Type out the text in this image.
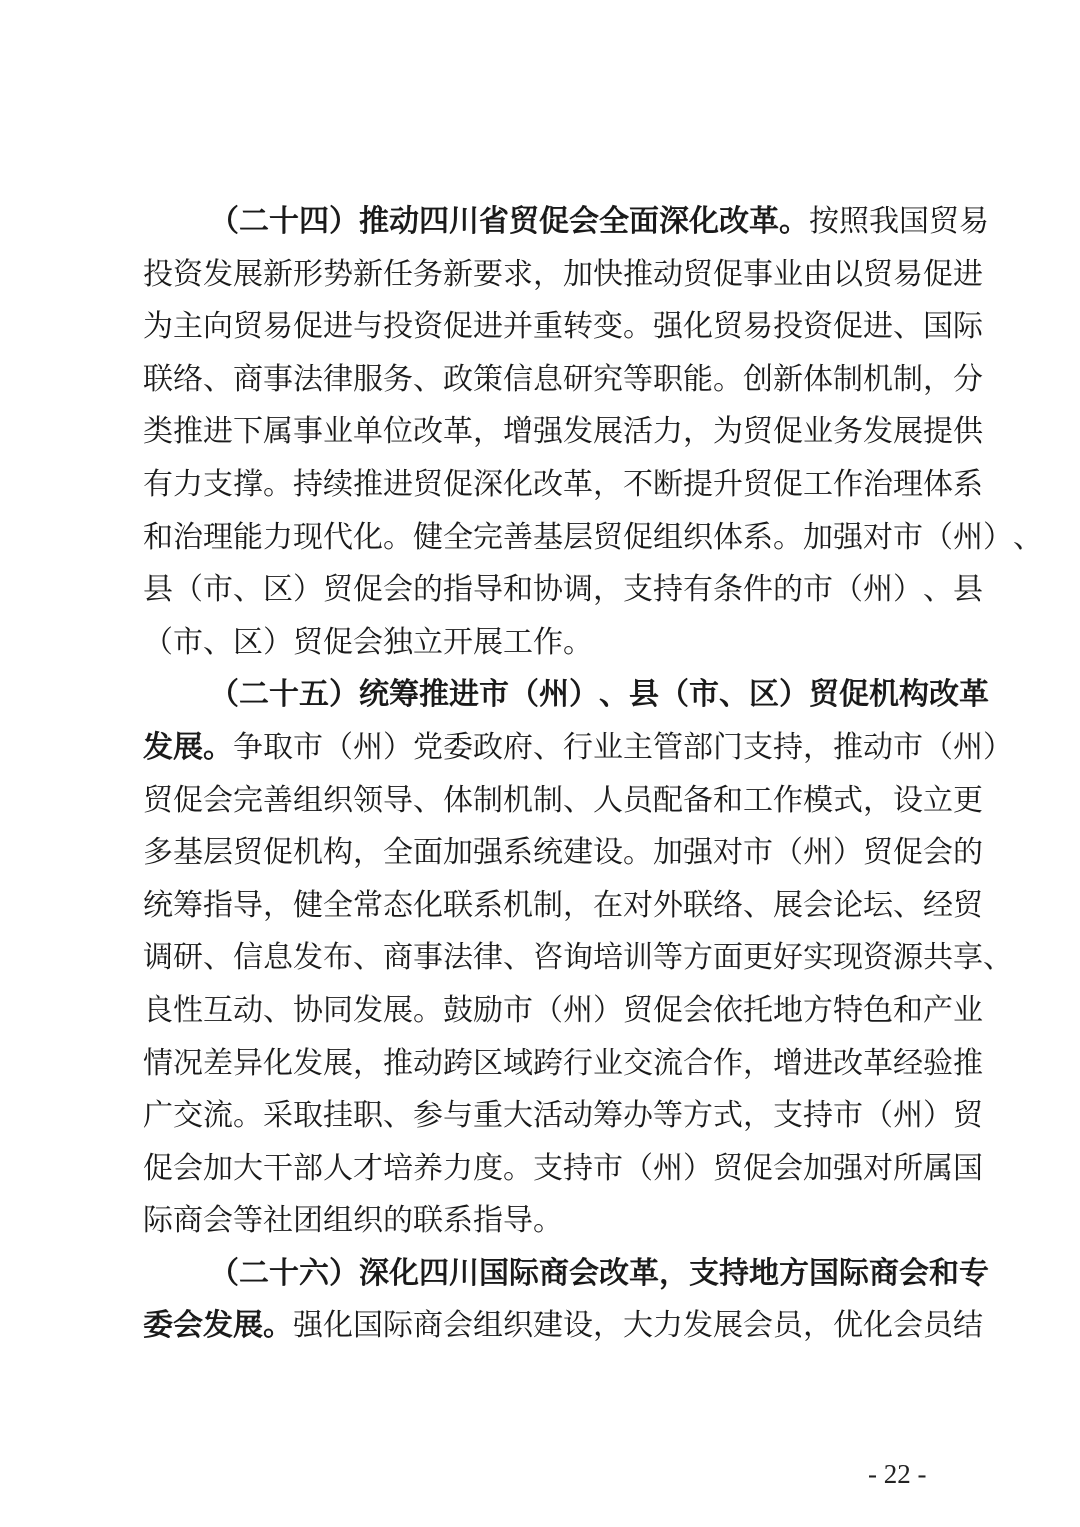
（ 二 十 四 ） 推 动 四 川 省 贸 促 会 全 面 深 化 改 革 。 按 照 我 国 贸 易
投 资 发 展 新 形 势 新 任 务 新 要 求 ， 加 快 推 动 贸 促 事 业 由 以 贸 易 促 进
为 主 向 贸 易 促 进 与 投 资 促 进 并 重 转 变 。 强 化 贸 易 投 资 促 进 、 国 际
联 络 、 商 事 法 律 服 务 、 政 策 信 息 研 究 等 职 能 。 创 新 体 制 机 制 ， 分
类 推 进 下 属 事 业 单 位 改 革 ， 增 强 发 展 活 力 ， 为 贸 促 业 务 发 展 提 供
有 力 支 撑 。 持 续 推 进 贸 促 深 化 改 革 ， 不 断 提 升 贸 促 工 作 治 理 体 系
和 治 理 能 力 现 代 化 。 健 全 完 善 基 层 贸 促 组 织 体 系 。 加 强 对 市 （ 州 ） 、
县 （ 市 、 区 ） 贸 促 会 的 指 导 和 协 调 ， 支 持 有 条 件 的 市 （ 州 ） 、 县
（ 市 、 区 ） 贸 促 会 独 立 开 展 工 作 。
（ 二 十 五 ） 统 筹 推 进 市 （ 州 ） 、 县 （ 市 、 区 ） 贸 促 机 构 改 革
发 展 。 争 取 市 （ 州 ） 党 委 政 府 、 行 业 主 管 部 门 支 持 ， 推 动 市 （ 州 ）
贸 促 会 完 善 组 织 领 导 、 体 制 机 制 、 人 员 配 备 和 工 作 模 式 ， 设 立 更
多 基 层 贸 促 机 构 ， 全 面 加 强 系 统 建 设 。 加 强 对 市 （ 州 ） 贸 促 会 的
统 筹 指 导 ， 健 全 常 态 化 联 系 机 制 ， 在 对 外 联 络 、 展 会 论 坛 、 经 贸
调 研 、 信 息 发 布 、 商 事 法 律 、 咨 询 培 训 等 方 面 更 好 实 现 资 源 共 享 、
良 性 互 动 、 协 同 发 展 。 鼓 励 市 （ 州 ） 贸 促 会 依 托 地 方 特 色 和 产 业
情 况 差 异 化 发 展 ， 推 动 跨 区 域 跨 行 业 交 流 合 作 ， 增 进 改 革 经 验 推
广 交 流 。 采 取 挂 职 、 参 与 重 大 活 动 筹 办 等 方 式 ， 支 持 市 （ 州 ） 贸
促 会 加 大 干 部 人 才 培 养 力 度 。 支 持 市 （ 州 ） 贸 促 会 加 强 对 所 属 国
际 商 会 等 社 团 组 织 的 联 系 指 导 。
（ 二 十 六 ） 深 化 四 川 国 际 商 会 改 革 ， 支 持 地 方 国 际 商 会 和 专
委 会 发 展 。 强 化 国 际 商 会 组 织 建 设 ， 大 力 发 展 会 员 ， 优 化 会 员 结
- 22 -
